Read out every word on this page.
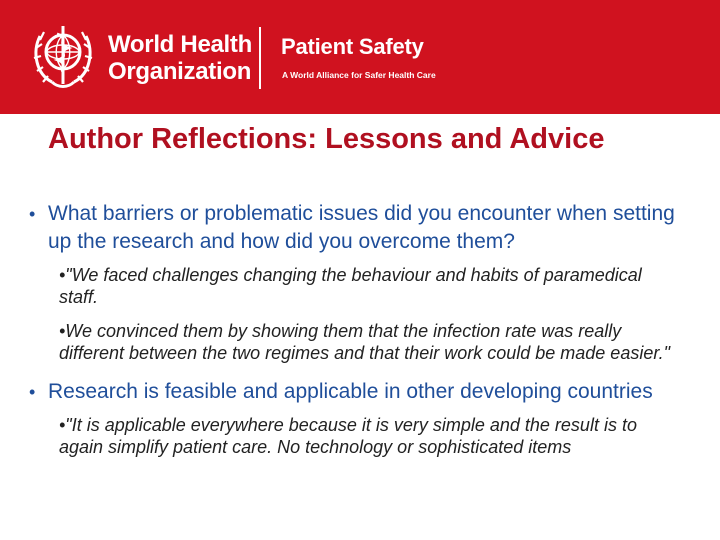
World Health
Organization
Patient Safety
A World Alliance for Safer Health Care
Author Reflections: Lessons and Advice
• What barriers or problematic issues did you encounter when setting up the research and how did you overcome them?
•"We faced challenges changing the behaviour and habits of paramedical staff.
•We convinced them by showing them that the infection rate was really different between the two regimes and that their work could be made easier."
• Research is feasible and applicable in other developing countries
•"It is applicable everywhere because it is very simple and the result is to again simplify patient care. No technology or sophisticated items
